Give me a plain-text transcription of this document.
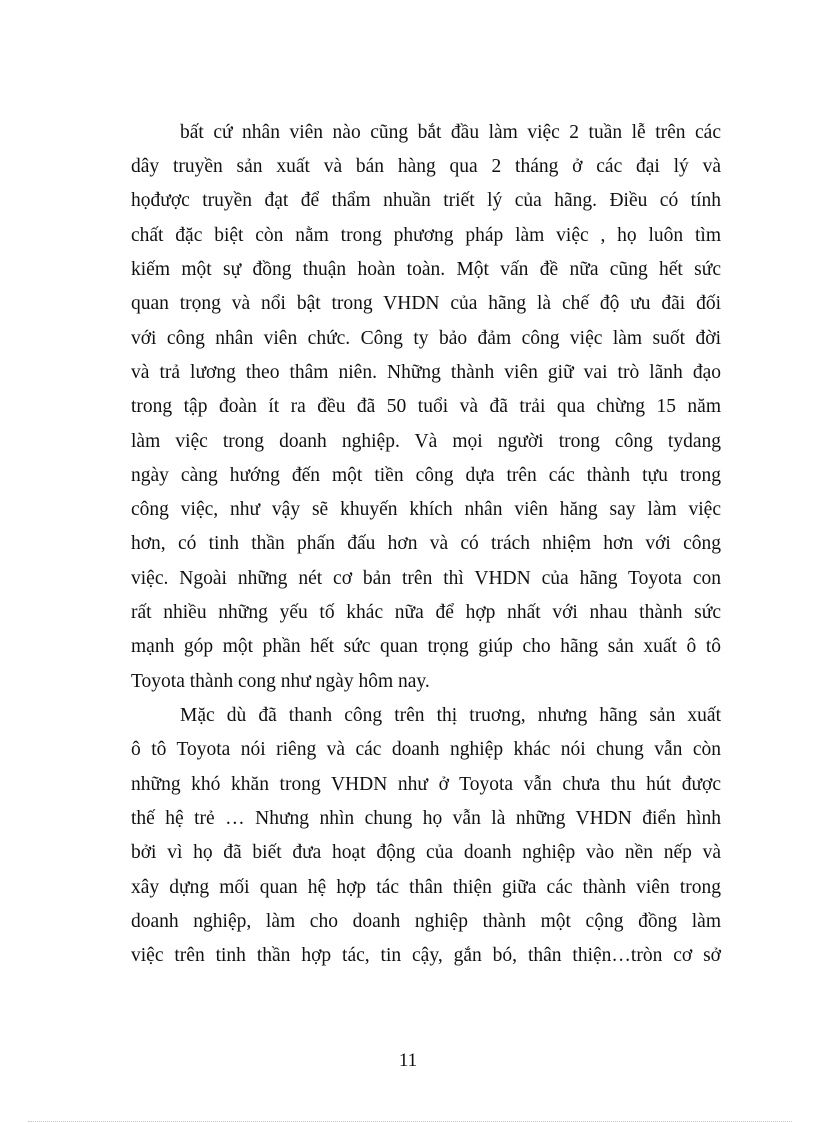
bất cứ nhân viên nào cũng bắt đầu làm việc 2 tuần lễ trên các
dây truyền sản xuất và bán hàng qua 2 tháng ở các đại lý và
họđược truyền đạt để thẩm nhuần triết lý của hãng. Điều có tính
chất đặc biệt còn nằm trong phương pháp làm việc , họ luôn tìm
kiếm một sự đồng thuận hoàn toàn. Một vấn đề nữa cũng hết sức
quan trọng và nổi bật trong VHDN của hãng là chế độ ưu đãi đối
với công nhân viên chức. Công ty bảo đảm công việc làm suốt đời
và trả lương theo thâm niên. Những thành viên giữ vai trò lãnh đạo
trong tập đoàn ít ra đều đã 50 tuổi và đã trải qua chừng 15 năm
làm việc trong doanh nghiệp. Và mọi người trong công tydang
ngày càng hướng đến một tiền công dựa trên các thành tựu trong
công việc, như vậy sẽ khuyến khích nhân viên hăng say làm việc
hơn, có tinh thần phấn đấu hơn và có trách nhiệm hơn với công
việc. Ngoài những nét cơ bản trên thì VHDN của hãng Toyota con
rất nhiều những yếu tố khác nữa để hợp nhất với nhau thành sức
mạnh góp một phần hết sức quan trọng giúp cho hãng sản xuất ô tô
Toyota thành cong như ngày hôm nay.
Mặc dù đã thanh công trên thị truơng, nhưng hãng sản xuất
ô tô Toyota nói riêng và các doanh nghiệp khác nói chung vẫn còn
những khó khăn trong VHDN như ở Toyota vẫn chưa thu hút được
thế hệ trẻ … Nhưng nhìn chung họ vẫn là những VHDN điển hình
bởi vì họ đã biết đưa hoạt động của doanh nghiệp vào nền nếp và
xây dựng mối quan hệ hợp tác thân thiện giữa các thành viên trong
doanh nghiệp, làm cho doanh nghiệp thành một cộng đồng làm
việc trên tinh thần hợp tác, tin cậy, gắn bó, thân thiện…tròn cơ sở
11
